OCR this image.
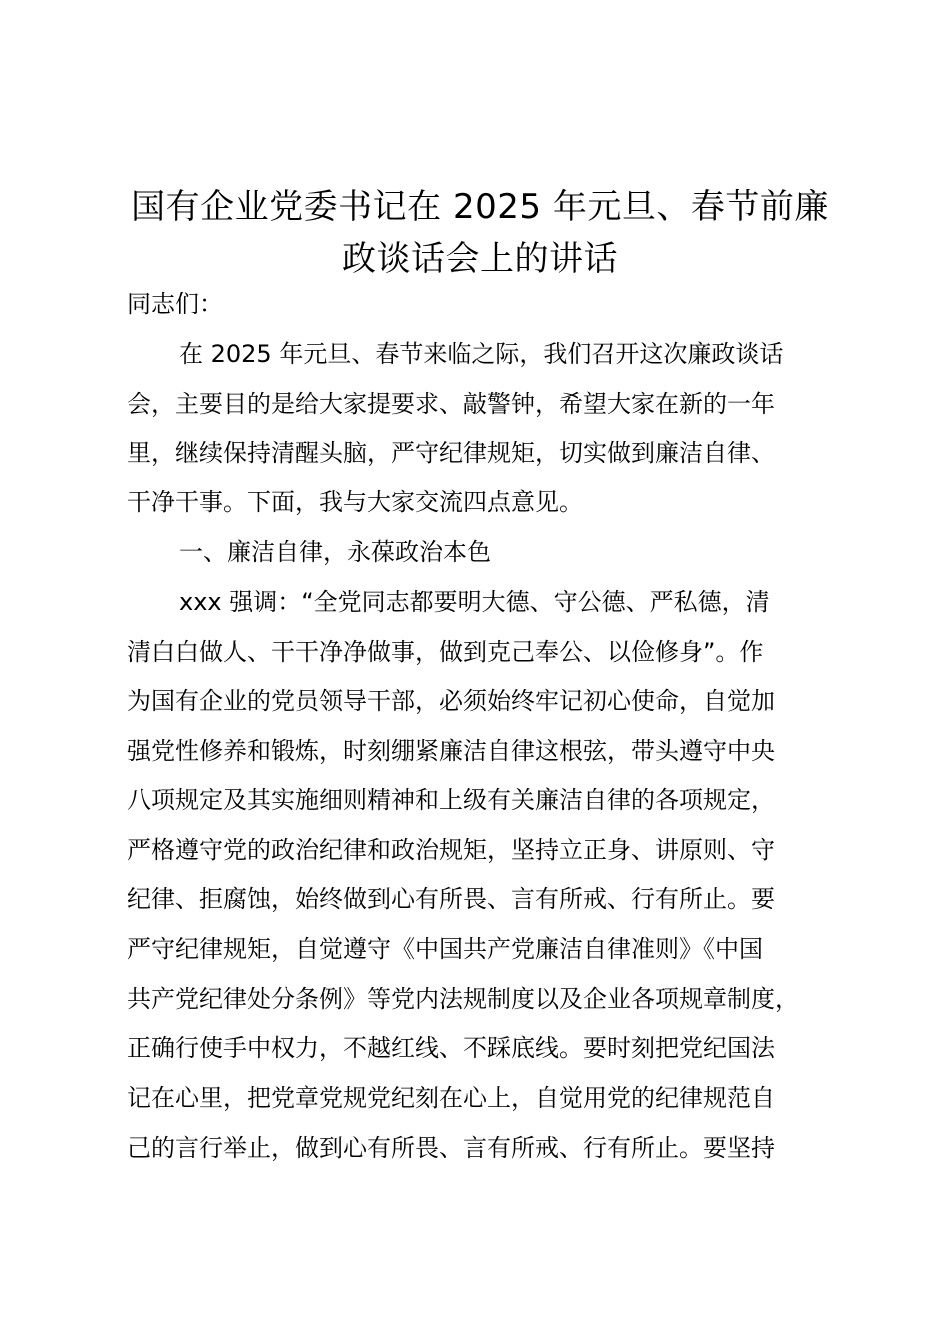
国有企业党委书记在 2025 年元旦、春节前廉
政谈话会上的讲话

同志们：

在 2025 年元旦、春节来临之际，我们召开这次廉政谈话

会，主要目的是给大家提要求、敲警钟，希望大家在新的一年

里，继续保持清醒头脑，严守纪律规矩，切实做到廉洁自律、

干净干事。下面，我与大家交流四点意见。

一、廉洁自律，永葆政治本色

xxx 强调：“全党同志都要明大德、守公德、严私德，清

清白白做人、干干净净做事，做到克己奉公、以俭修身”。作

为国有企业的党员领导干部，必须始终牢记初心使命，自觉加

强党性修养和锻炼，时刻绷紧廉洁自律这根弦，带头遵守中央

八项规定及其实施细则精神和上级有关廉洁自律的各项规定，

严格遵守党的政治纪律和政治规矩，坚持立正身、讲原则、守

纪律、拒腐蚀，始终做到心有所畏、言有所戒、行有所止。要

严守纪律规矩，自觉遵守《中国共产党廉洁自律准则》《中国

共产党纪律处分条例》等党内法规制度以及企业各项规章制度，

正确行使手中权力，不越红线、不踩底线。要时刻把党纪国法

记在心里，把党章党规党纪刻在心上，自觉用党的纪律规范自

己的言行举止，做到心有所畏、言有所戒、行有所止。要坚持
